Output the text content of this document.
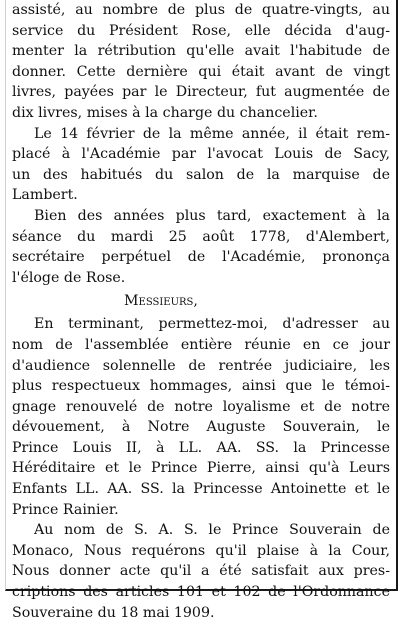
assisté, au nombre de plus de quatre-vingts, au
service du Président Rose, elle décida d'aug-
menter la rétribution qu'elle avait l'habitude de
donner. Cette dernière qui était avant de vingt
livres, payées par le Directeur, fut augmentée de
dix livres, mises à la charge du chancelier.
Le 14 février de la même année, il était rem-
placé à l'Académie par l'avocat Louis de Sacy,
un des habitués du salon de la marquise de
Lambert.
Bien des années plus tard, exactement à la
séance du mardi 25 août 1778, d'Alembert,
secrétaire perpétuel de l'Académie, prononça
l'éloge de Rose.
Messieurs,
En terminant, permettez-moi, d'adresser au
nom de l'assemblée entière réunie en ce jour
d'audience solennelle de rentrée judiciaire, les
plus respectueux hommages, ainsi que le témoi-
gnage renouvelé de notre loyalisme et de notre
dévouement, à Notre Auguste Souverain, le
Prince Louis II, à LL. AA. SS. la Princesse
Héréditaire et le Prince Pierre, ainsi qu'à Leurs
Enfants LL. AA. SS. la Princesse Antoinette et le
Prince Rainier.
Au nom de S. A. S. le Prince Souverain de
Monaco, Nous requérons qu'il plaise à la Cour,
Nous donner acte qu'il a été satisfait aux pres-
criptions des articles 101 et 102 de l'Ordonnance
Souveraine du 18 mai 1909.
